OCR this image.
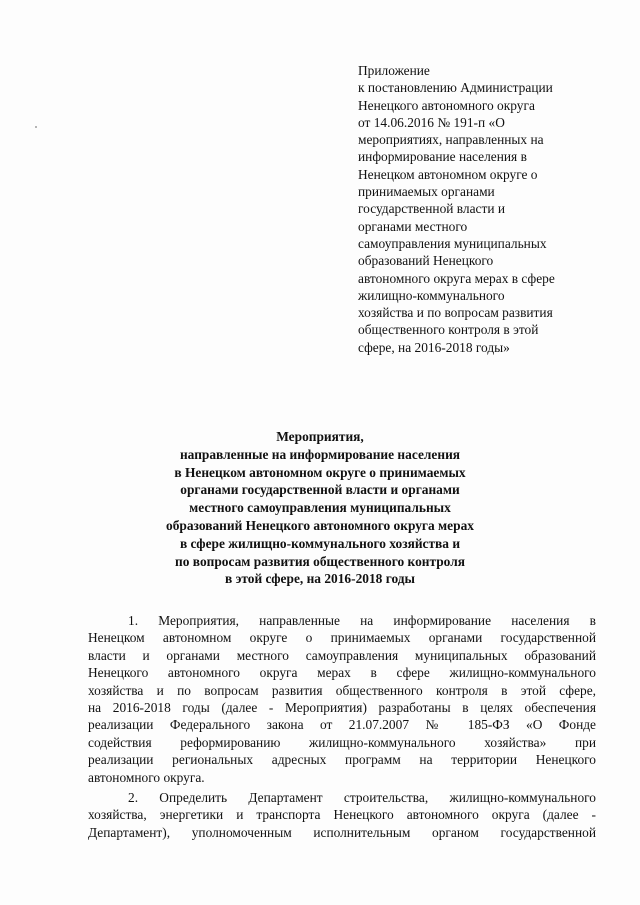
Приложение
к постановлению Администрации
Ненецкого автономного округа
от 14.06.2016 № 191-п «О
мероприятиях, направленных на
информирование населения в
Ненецком автономном округе о
принимаемых органами
государственной власти и
органами местного
самоуправления муниципальных
образований Ненецкого
автономного округа мерах в сфере
жилищно-коммунального
хозяйства и по вопросам развития
общественного контроля в этой
сфере, на 2016-2018 годы»
Мероприятия,
направленные на информирование населения
в Ненецком автономном округе о принимаемых
органами государственной власти и органами
местного самоуправления муниципальных
образований Ненецкого автономного округа мерах
в сфере жилищно-коммунального хозяйства и
по вопросам развития общественного контроля
в этой сфере, на 2016-2018 годы
1. Мероприятия, направленные на информирование населения в
Ненецком автономном округе о принимаемых органами государственной
власти и органами местного самоуправления муниципальных образований
Ненецкого автономного округа мерах в сфере жилищно-коммунального
хозяйства и по вопросам развития общественного контроля в этой сфере,
на 2016-2018 годы (далее - Мероприятия) разработаны в целях обеспечения
реализации Федерального закона от 21.07.2007 № 185-ФЗ «О Фонде
содействия реформированию жилищно-коммунального хозяйства» при
реализации региональных адресных программ на территории Ненецкого
автономного округа.
2. Определить Департамент строительства, жилищно-коммунального
хозяйства, энергетики и транспорта Ненецкого автономного округа (далее -
Департамент), уполномоченным исполнительным органом государственной
